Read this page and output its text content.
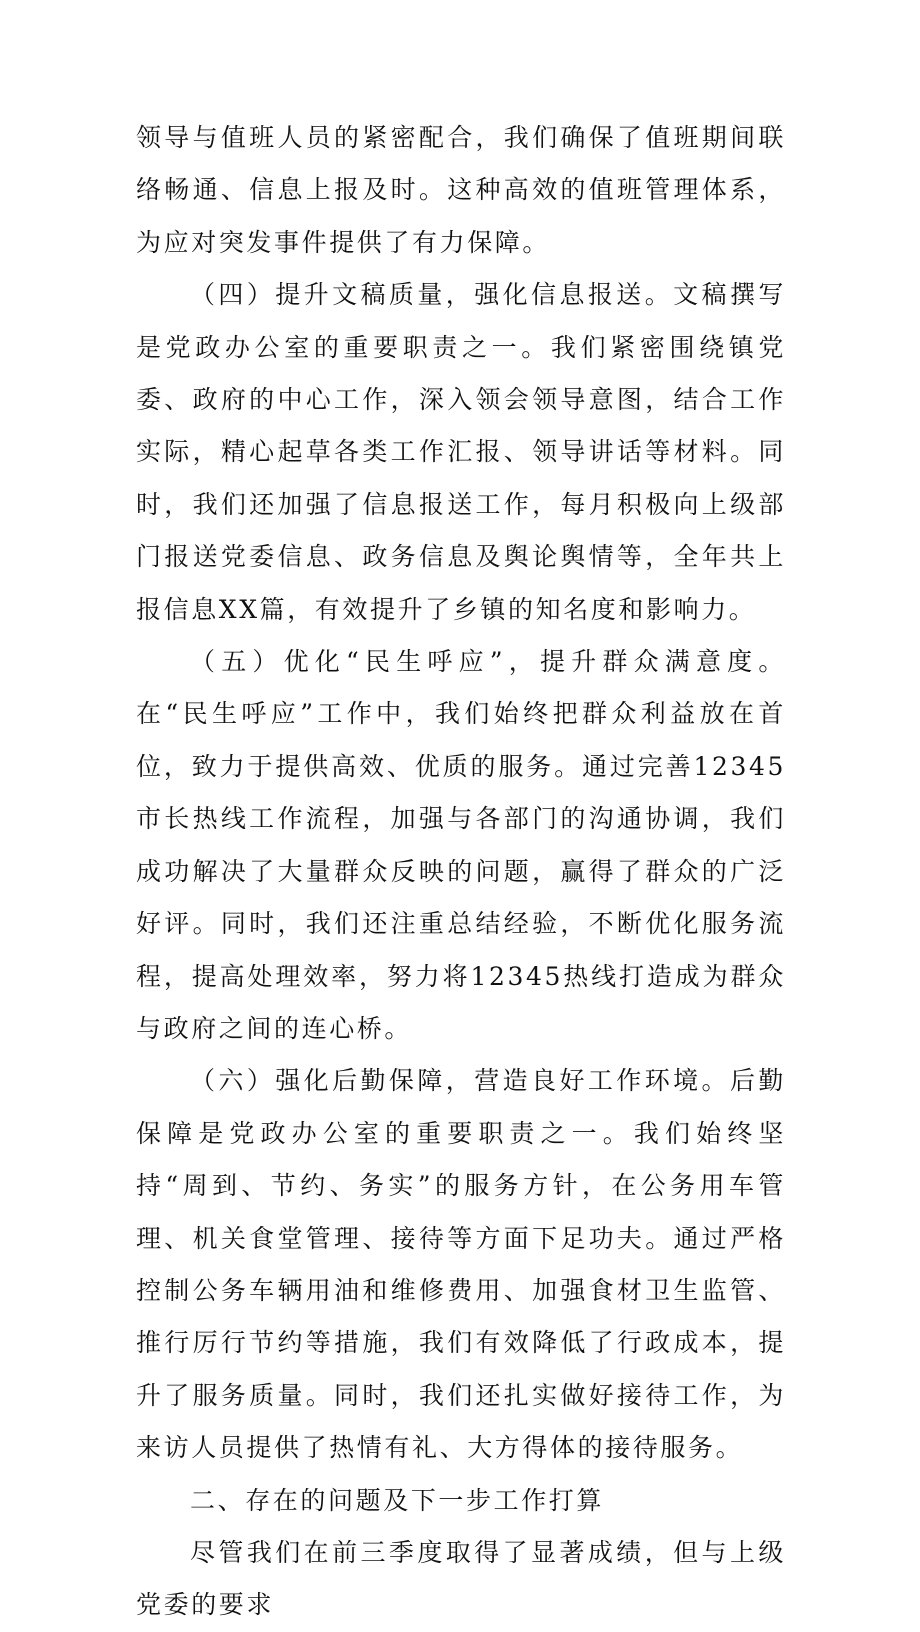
领导与值班人员的紧密配合，我们确保了值班期间联络畅通、信息上报及时。这种高效的值班管理体系，为应对突发事件提供了有力保障。

（四）提升文稿质量，强化信息报送。文稿撰写是党政办公室的重要职责之一。我们紧密围绕镇党委、政府的中心工作，深入领会领导意图，结合工作实际，精心起草各类工作汇报、领导讲话等材料。同时，我们还加强了信息报送工作，每月积极向上级部门报送党委信息、政务信息及舆论舆情等，全年共上报信息XX篇，有效提升了乡镇的知名度和影响力。

（五）优化“民生呼应”，提升群众满意度。在“民生呼应”工作中，我们始终把群众利益放在首位，致力于提供高效、优质的服务。通过完善12345市长热线工作流程，加强与各部门的沟通协调，我们成功解决了大量群众反映的问题，赢得了群众的广泛好评。同时，我们还注重总结经验，不断优化服务流程，提高处理效率，努力将12345热线打造成为群众与政府之间的连心桥。

（六）强化后勤保障，营造良好工作环境。后勤保障是党政办公室的重要职责之一。我们始终坚持“周到、节约、务实”的服务方针，在公务用车管理、机关食堂管理、接待等方面下足功夫。通过严格控制公务车辆用油和维修费用、加强食材卫生监管、推行厉行节约等措施，我们有效降低了行政成本，提升了服务质量。同时，我们还扎实做好接待工作，为来访人员提供了热情有礼、大方得体的接待服务。

二、存在的问题及下一步工作打算

尽管我们在前三季度取得了显著成绩，但与上级党委的要求
